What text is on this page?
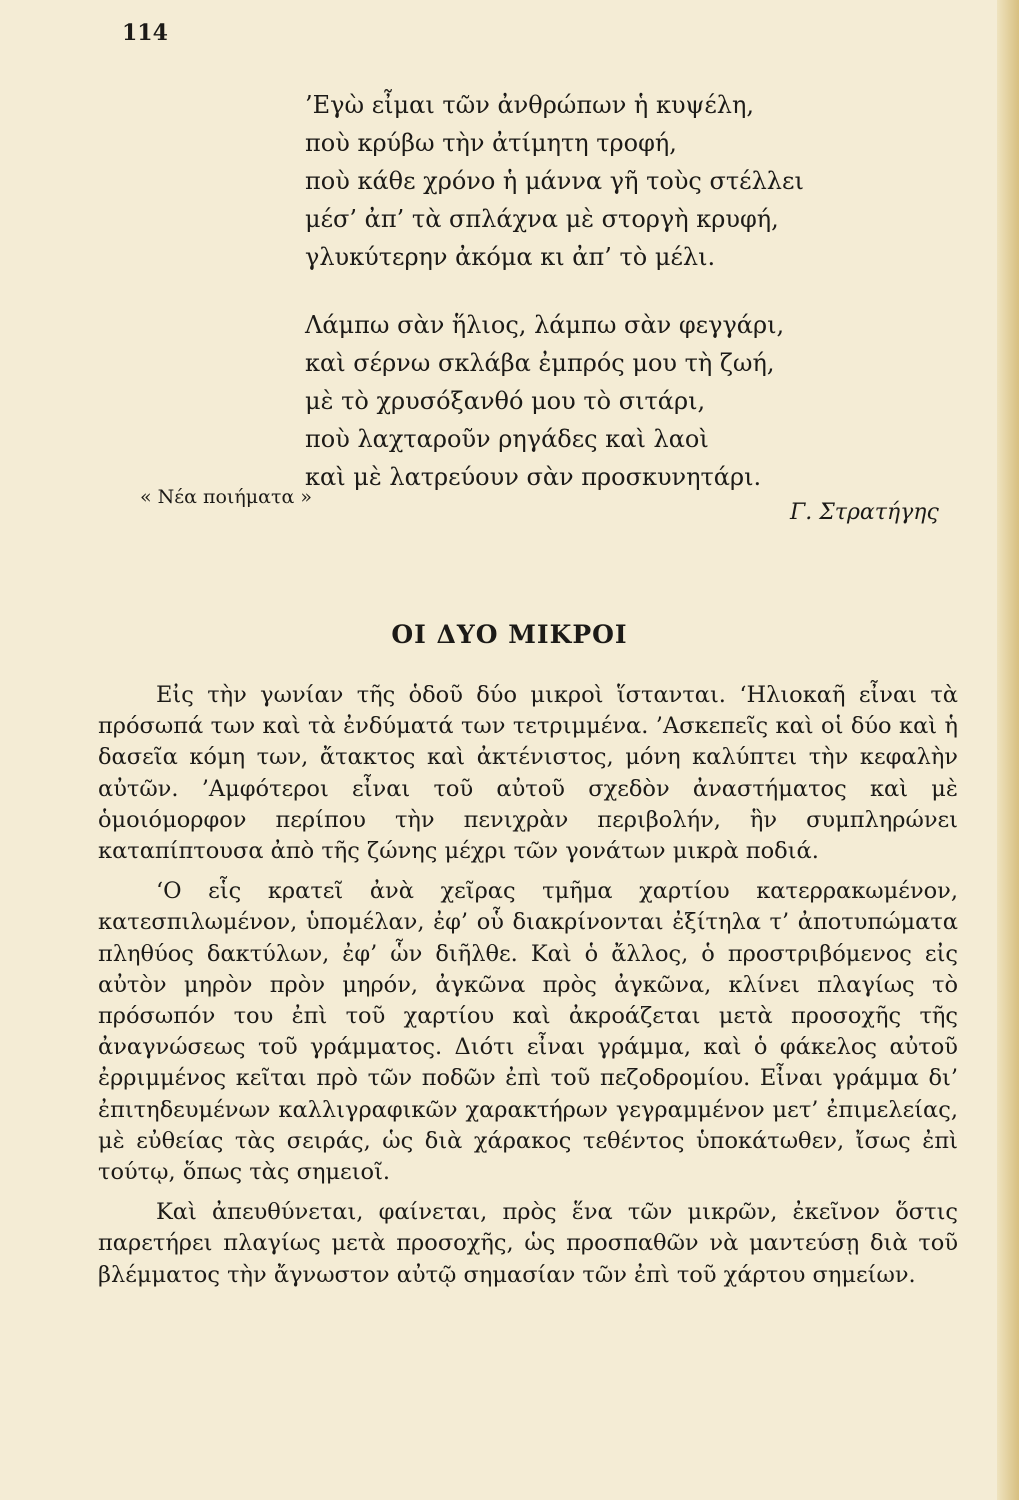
114
’Εγὼ εἶμαι τῶν ἀνθρώπων ἡ κυψέλη,
ποὺ κρύβω τὴν ἀτίμητη τροφή,
ποὺ κάθε χρόνο ἡ μάννα γῆ τοὺς στέλλει
μέσ’ ἀπ’ τὰ σπλάχνα μὲ στοργὴ κρυφή,
γλυκύτερην ἀκόμα κι ἀπ’ τὸ μέλι.
Λάμπω σὰν ἥλιος, λάμπω σὰν φεγγάρι,
καὶ σέρνω σκλάβα ἐμπρός μου τὴ ζωή,
μὲ τὸ χρυσόξανθό μου τὸ σιτάρι,
ποὺ λαχταροῦν ρηγάδες καὶ λαοὶ
καὶ μὲ λατρεύουν σὰν προσκυνητάρι.
« Νέα ποιήματα »
Γ. Στρατήγης
ΟΙ ΔΥΟ ΜΙΚΡΟΙ

Εἰς τὴν γωνίαν τῆς ὁδοῦ δύο μικροὶ ἵστανται. ‘Ηλιοκαῆ εἶναι τὰ πρόσωπά των καὶ τὰ ἐνδύματά των τετριμμένα. ’Ασκεπεῖς καὶ οἱ δύο καὶ ἡ δασεῖα κόμη των, ἄτακτος καὶ ἀκτένιστος, μόνη καλύπτει τὴν κεφαλὴν αὐτῶν. ’Αμφότεροι εἶναι τοῦ αὐτοῦ σχεδὸν ἀναστήματος καὶ μὲ ὁμοιόμορφον περίπου τὴν πενιχρὰν περιβολήν, ἣν συμπληρώνει καταπίπτουσα ἀπὸ τῆς ζώνης μέχρι τῶν γονάτων μικρὰ ποδιά.

‘Ο εἷς κρατεῖ ἀνὰ χεῖρας τμῆμα χαρτίου κατερρακωμένον, κατεσπιλωμένον, ὑπομέλαν, ἐφ’ οὗ διακρίνονται ἐξίτηλα τ’ ἀποτυπώματα πληθύος δακτύλων, ἐφ’ ὧν διῆλθε. Καὶ ὁ ἄλλος, ὁ προστριβόμενος εἰς αὐτὸν μηρὸν πρὸν μηρόν, ἀγκῶνα πρὸς ἀγκῶνα, κλίνει πλαγίως τὸ πρόσωπόν του ἐπὶ τοῦ χαρτίου καὶ ἀκροάζεται μετὰ προσοχῆς τῆς ἀναγνώσεως τοῦ γράμματος. Διότι εἶναι γράμμα, καὶ ὁ φάκελος αὐτοῦ ἐρριμμένος κεῖται πρὸ τῶν ποδῶν ἐπὶ τοῦ πεζοδρομίου. Εἶναι γράμμα δι’ ἐπιτηδευμένων καλλιγραφικῶν χαρακτήρων γεγραμμένον μετ’ ἐπιμελείας, μὲ εὐθείας τὰς σειράς, ὡς διὰ χάρακος τεθέντος ὑποκάτωθεν, ἴσως ἐπὶ τούτῳ, ὅπως τὰς σημειοῖ.

Καὶ ἀπευθύνεται, φαίνεται, πρὸς ἕνα τῶν μικρῶν, ἐκεῖνον ὅστις παρετήρει πλαγίως μετὰ προσοχῆς, ὡς προσπαθῶν νὰ μαντεύσῃ διὰ τοῦ βλέμματος τὴν ἄγνωστον αὐτῷ σημασίαν τῶν ἐπὶ τοῦ χάρτου σημείων.
